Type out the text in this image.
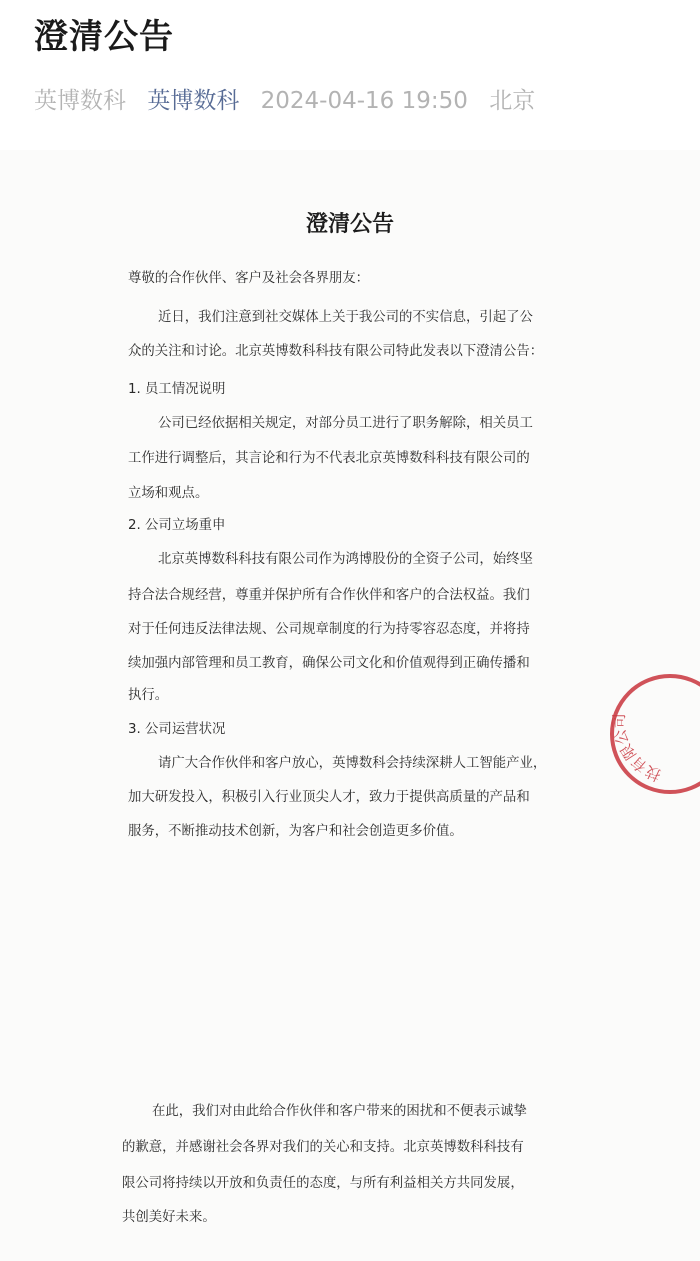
澄清公告
英博数科 英博数科 2024-04-16 19:50 北京
澄清公告
尊敬的合作伙伴、客户及社会各界朋友：
近日，我们注意到社交媒体上关于我公司的不实信息，引起了公
众的关注和讨论。北京英博数科科技有限公司特此发表以下澄清公告：
1. 员工情况说明
公司已经依据相关规定，对部分员工进行了职务解除，相关员工
工作进行调整后，其言论和行为不代表北京英博数科科技有限公司的
立场和观点。
2. 公司立场重申
北京英博数科科技有限公司作为鸿博股份的全资子公司，始终坚
持合法合规经营，尊重并保护所有合作伙伴和客户的合法权益。我们
对于任何违反法律法规、公司规章制度的行为持零容忍态度，并将持
续加强内部管理和员工教育，确保公司文化和价值观得到正确传播和
执行。
3. 公司运营状况
请广大合作伙伴和客户放心，英博数科会持续深耕人工智能产业，
加大研发投入，积极引入行业顶尖人才，致力于提供高质量的产品和
服务，不断推动技术创新，为客户和社会创造更多价值。
在此，我们对由此给合作伙伴和客户带来的困扰和不便表示诚挚
的歉意，并感谢社会各界对我们的关心和支持。北京英博数科科技有
限公司将持续以开放和负责任的态度，与所有利益相关方共同发展，
共创美好未来。
技有限公司
